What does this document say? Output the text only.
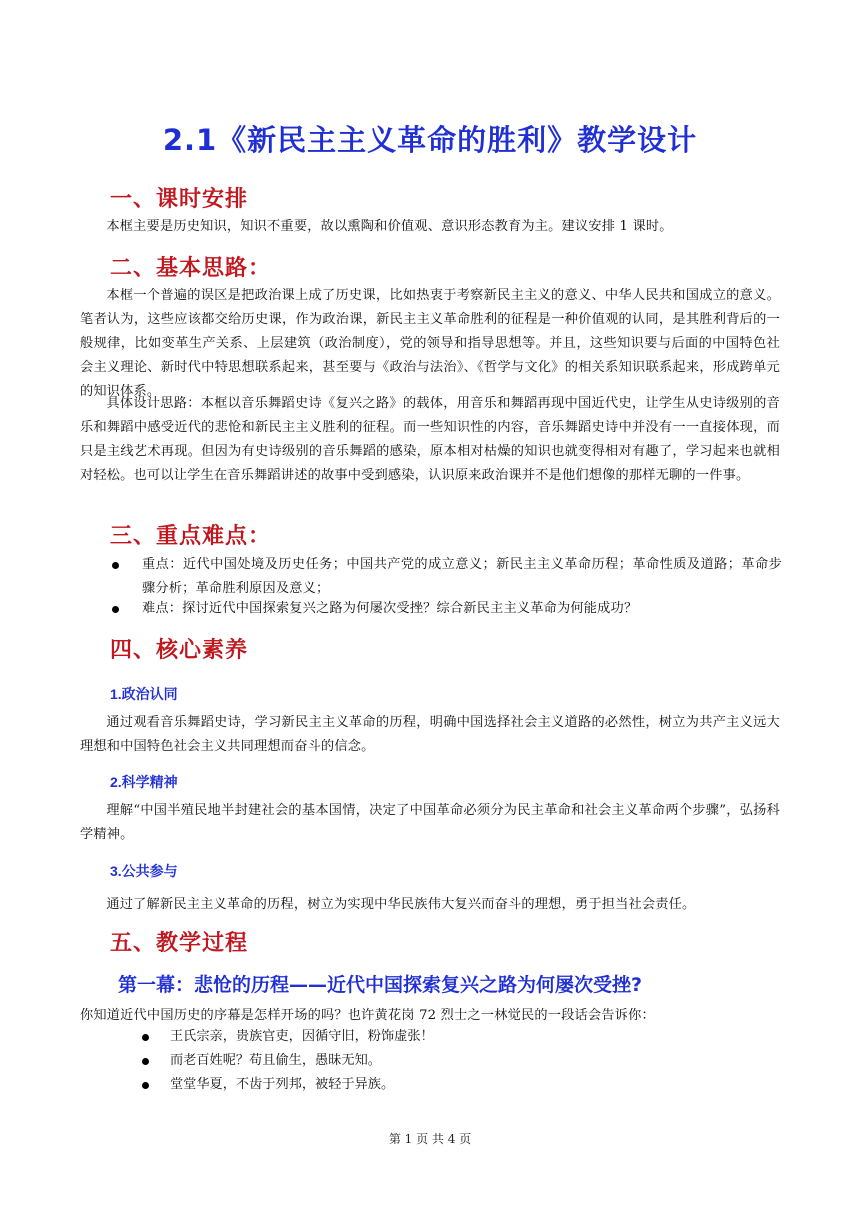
2.1《新民主主义革命的胜利》教学设计
一、课时安排
本框主要是历史知识，知识不重要，故以熏陶和价值观、意识形态教育为主。建议安排 1 课时。
二、基本思路：
本框一个普遍的误区是把政治课上成了历史课，比如热衷于考察新民主主义的意义、中华人民共和国成立的意义。笔者认为，这些应该都交给历史课，作为政治课，新民主主义革命胜利的征程是一种价值观的认同，是其胜利背后的一般规律，比如变革生产关系、上层建筑（政治制度），党的领导和指导思想等。并且，这些知识要与后面的中国特色社会主义理论、新时代中特思想联系起来，甚至要与《政治与法治》、《哲学与文化》的相关系知识联系起来，形成跨单元的知识体系。
具体设计思路：本框以音乐舞蹈史诗《复兴之路》的载体，用音乐和舞蹈再现中国近代史，让学生从史诗级别的音乐和舞蹈中感受近代的悲怆和新民主主义胜利的征程。而一些知识性的内容，音乐舞蹈史诗中并没有一一直接体现，而只是主线艺术再现。但因为有史诗级别的音乐舞蹈的感染，原本相对枯燥的知识也就变得相对有趣了，学习起来也就相对轻松。也可以让学生在音乐舞蹈讲述的故事中受到感染，认识原来政治课并不是他们想像的那样无聊的一件事。
三、重点难点：
重点：近代中国处境及历史任务；中国共产党的成立意义；新民主主义革命历程；革命性质及道路；革命步骤分析；革命胜利原因及意义；
难点：探讨近代中国探索复兴之路为何屡次受挫？综合新民主主义革命为何能成功？
四、核心素养
1.政治认同
通过观看音乐舞蹈史诗，学习新民主主义革命的历程，明确中国选择社会主义道路的必然性，树立为共产主义远大理想和中国特色社会主义共同理想而奋斗的信念。
2.科学精神
理解“中国半殖民地半封建社会的基本国情，决定了中国革命必须分为民主革命和社会主义革命两个步骤”，弘扬科学精神。
3.公共参与
通过了解新民主主义革命的历程，树立为实现中华民族伟大复兴而奋斗的理想，勇于担当社会责任。
五、教学过程
第一幕：悲怆的历程——近代中国探索复兴之路为何屡次受挫?
你知道近代中国历史的序幕是怎样开场的吗？也许黄花岗 72 烈士之一林觉民的一段话会告诉你：
王氏宗亲，贵族官吏，因循守旧，粉饰虚张！
而老百姓呢？苟且偷生，愚昧无知。
堂堂华夏，不齿于列邦，被轻于异族。
第 1 页 共 4 页
